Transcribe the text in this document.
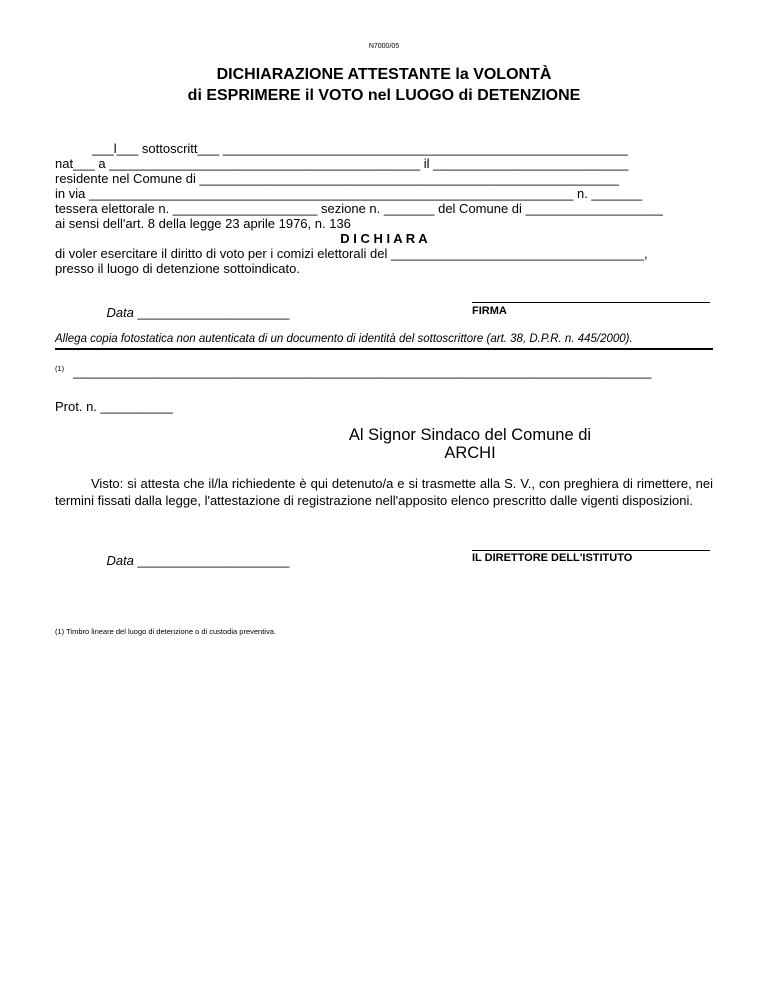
N7000/05
DICHIARAZIONE ATTESTANTE la VOLONTÀ
di ESPRIMERE il VOTO nel LUOGO di DETENZIONE
___l___ sottoscritt___ ________________________________________________________
nat___ a ___________________________________________ il ___________________________
residente nel Comune di __________________________________________________________
in via ___________________________________________________________________ n. _______
tessera elettorale n. ____________________ sezione n. _______ del Comune di ___________________
ai sensi dell'art. 8 della legge 23 aprile 1976, n. 136
D I C H I A R A
di voler esercitare il diritto di voto per i comizi elettorali del ___________________________________,
presso il luogo di detenzione sottoindicato.

Data _____________________
	FIRMA
Allega copia fotostatica non autenticata di un documento di identità del sottoscrittore (art. 38, D.P.R. n. 445/2000).
(1) ________________________________________________________________________________
Prot. n. __________
Al Signor Sindaco del Comune di
ARCHI
Visto: si attesta che il/la richiedente è qui detenuto/a e si trasmette alla S. V., con preghiera di rimettere, nei termini fissati dalla legge, l'attestazione di registrazione nell'apposito elenco prescritto dalle vigenti disposizioni.

Data _____________________
	IL DIRETTORE DELL'ISTITUTO
(1) Timbro lineare del luogo di detenzione o di custodia preventiva.
